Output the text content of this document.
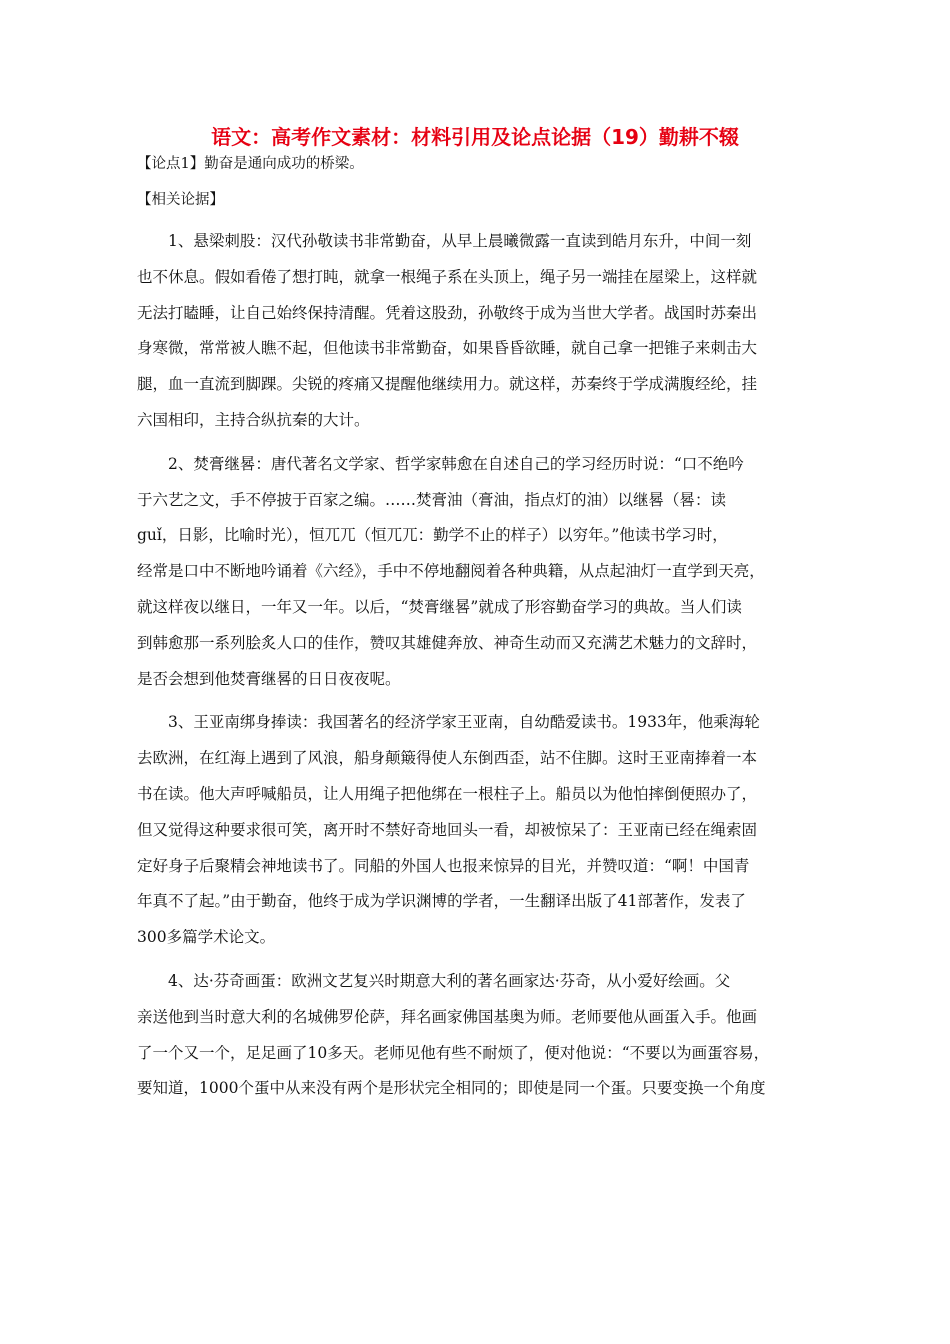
语文：高考作文素材：材料引用及论点论据（19）勤耕不辍

【论点1】勤奋是通向成功的桥梁。

【相关论据】

1、悬梁刺股：汉代孙敬读书非常勤奋，从早上晨曦微露一直读到皓月东升，中间一刻

也不休息。假如看倦了想打盹，就拿一根绳子系在头顶上，绳子另一端挂在屋梁上，这样就

无法打瞌睡，让自己始终保持清醒。凭着这股劲，孙敬终于成为当世大学者。战国时苏秦出

身寒微，常常被人瞧不起，但他读书非常勤奋，如果昏昏欲睡，就自己拿一把锥子来刺击大

腿，血一直流到脚踝。尖锐的疼痛又提醒他继续用力。就这样，苏秦终于学成满腹经纶，挂

六国相印，主持合纵抗秦的大计。

2、焚膏继晷：唐代著名文学家、哲学家韩愈在自述自己的学习经历时说：“口不绝吟

于六艺之文，手不停披于百家之编。……焚膏油（膏油，指点灯的油）以继晷（晷：读

guǐ，日影，比喻时光），恒兀兀（恒兀兀：勤学不止的样子）以穷年。”他读书学习时，

经常是口中不断地吟诵着《六经》，手中不停地翻阅着各种典籍，从点起油灯一直学到天亮，

就这样夜以继日，一年又一年。以后，“焚膏继晷”就成了形容勤奋学习的典故。当人们读

到韩愈那一系列脍炙人口的佳作，赞叹其雄健奔放、神奇生动而又充满艺术魅力的文辞时，

是否会想到他焚膏继晷的日日夜夜呢。

3、王亚南绑身捧读：我国著名的经济学家王亚南，自幼酷爱读书。1933年，他乘海轮

去欧洲，在红海上遇到了风浪，船身颠簸得使人东倒西歪，站不住脚。这时王亚南捧着一本

书在读。他大声呼喊船员，让人用绳子把他绑在一根柱子上。船员以为他怕摔倒便照办了，

但又觉得这种要求很可笑，离开时不禁好奇地回头一看，却被惊呆了：王亚南已经在绳索固

定好身子后聚精会神地读书了。同船的外国人也报来惊异的目光，并赞叹道：“啊！中国青

年真不了起。”由于勤奋，他终于成为学识渊博的学者，一生翻译出版了41部著作，发表了

300多篇学术论文。

4、达·芬奇画蛋：欧洲文艺复兴时期意大利的著名画家达·芬奇，从小爱好绘画。父

亲送他到当时意大利的名城佛罗伦萨，拜名画家佛国基奥为师。老师要他从画蛋入手。他画

了一个又一个，足足画了10多天。老师见他有些不耐烦了，便对他说：“不要以为画蛋容易，

要知道，1000个蛋中从来没有两个是形状完全相同的；即使是同一个蛋。只要变换一个角度
